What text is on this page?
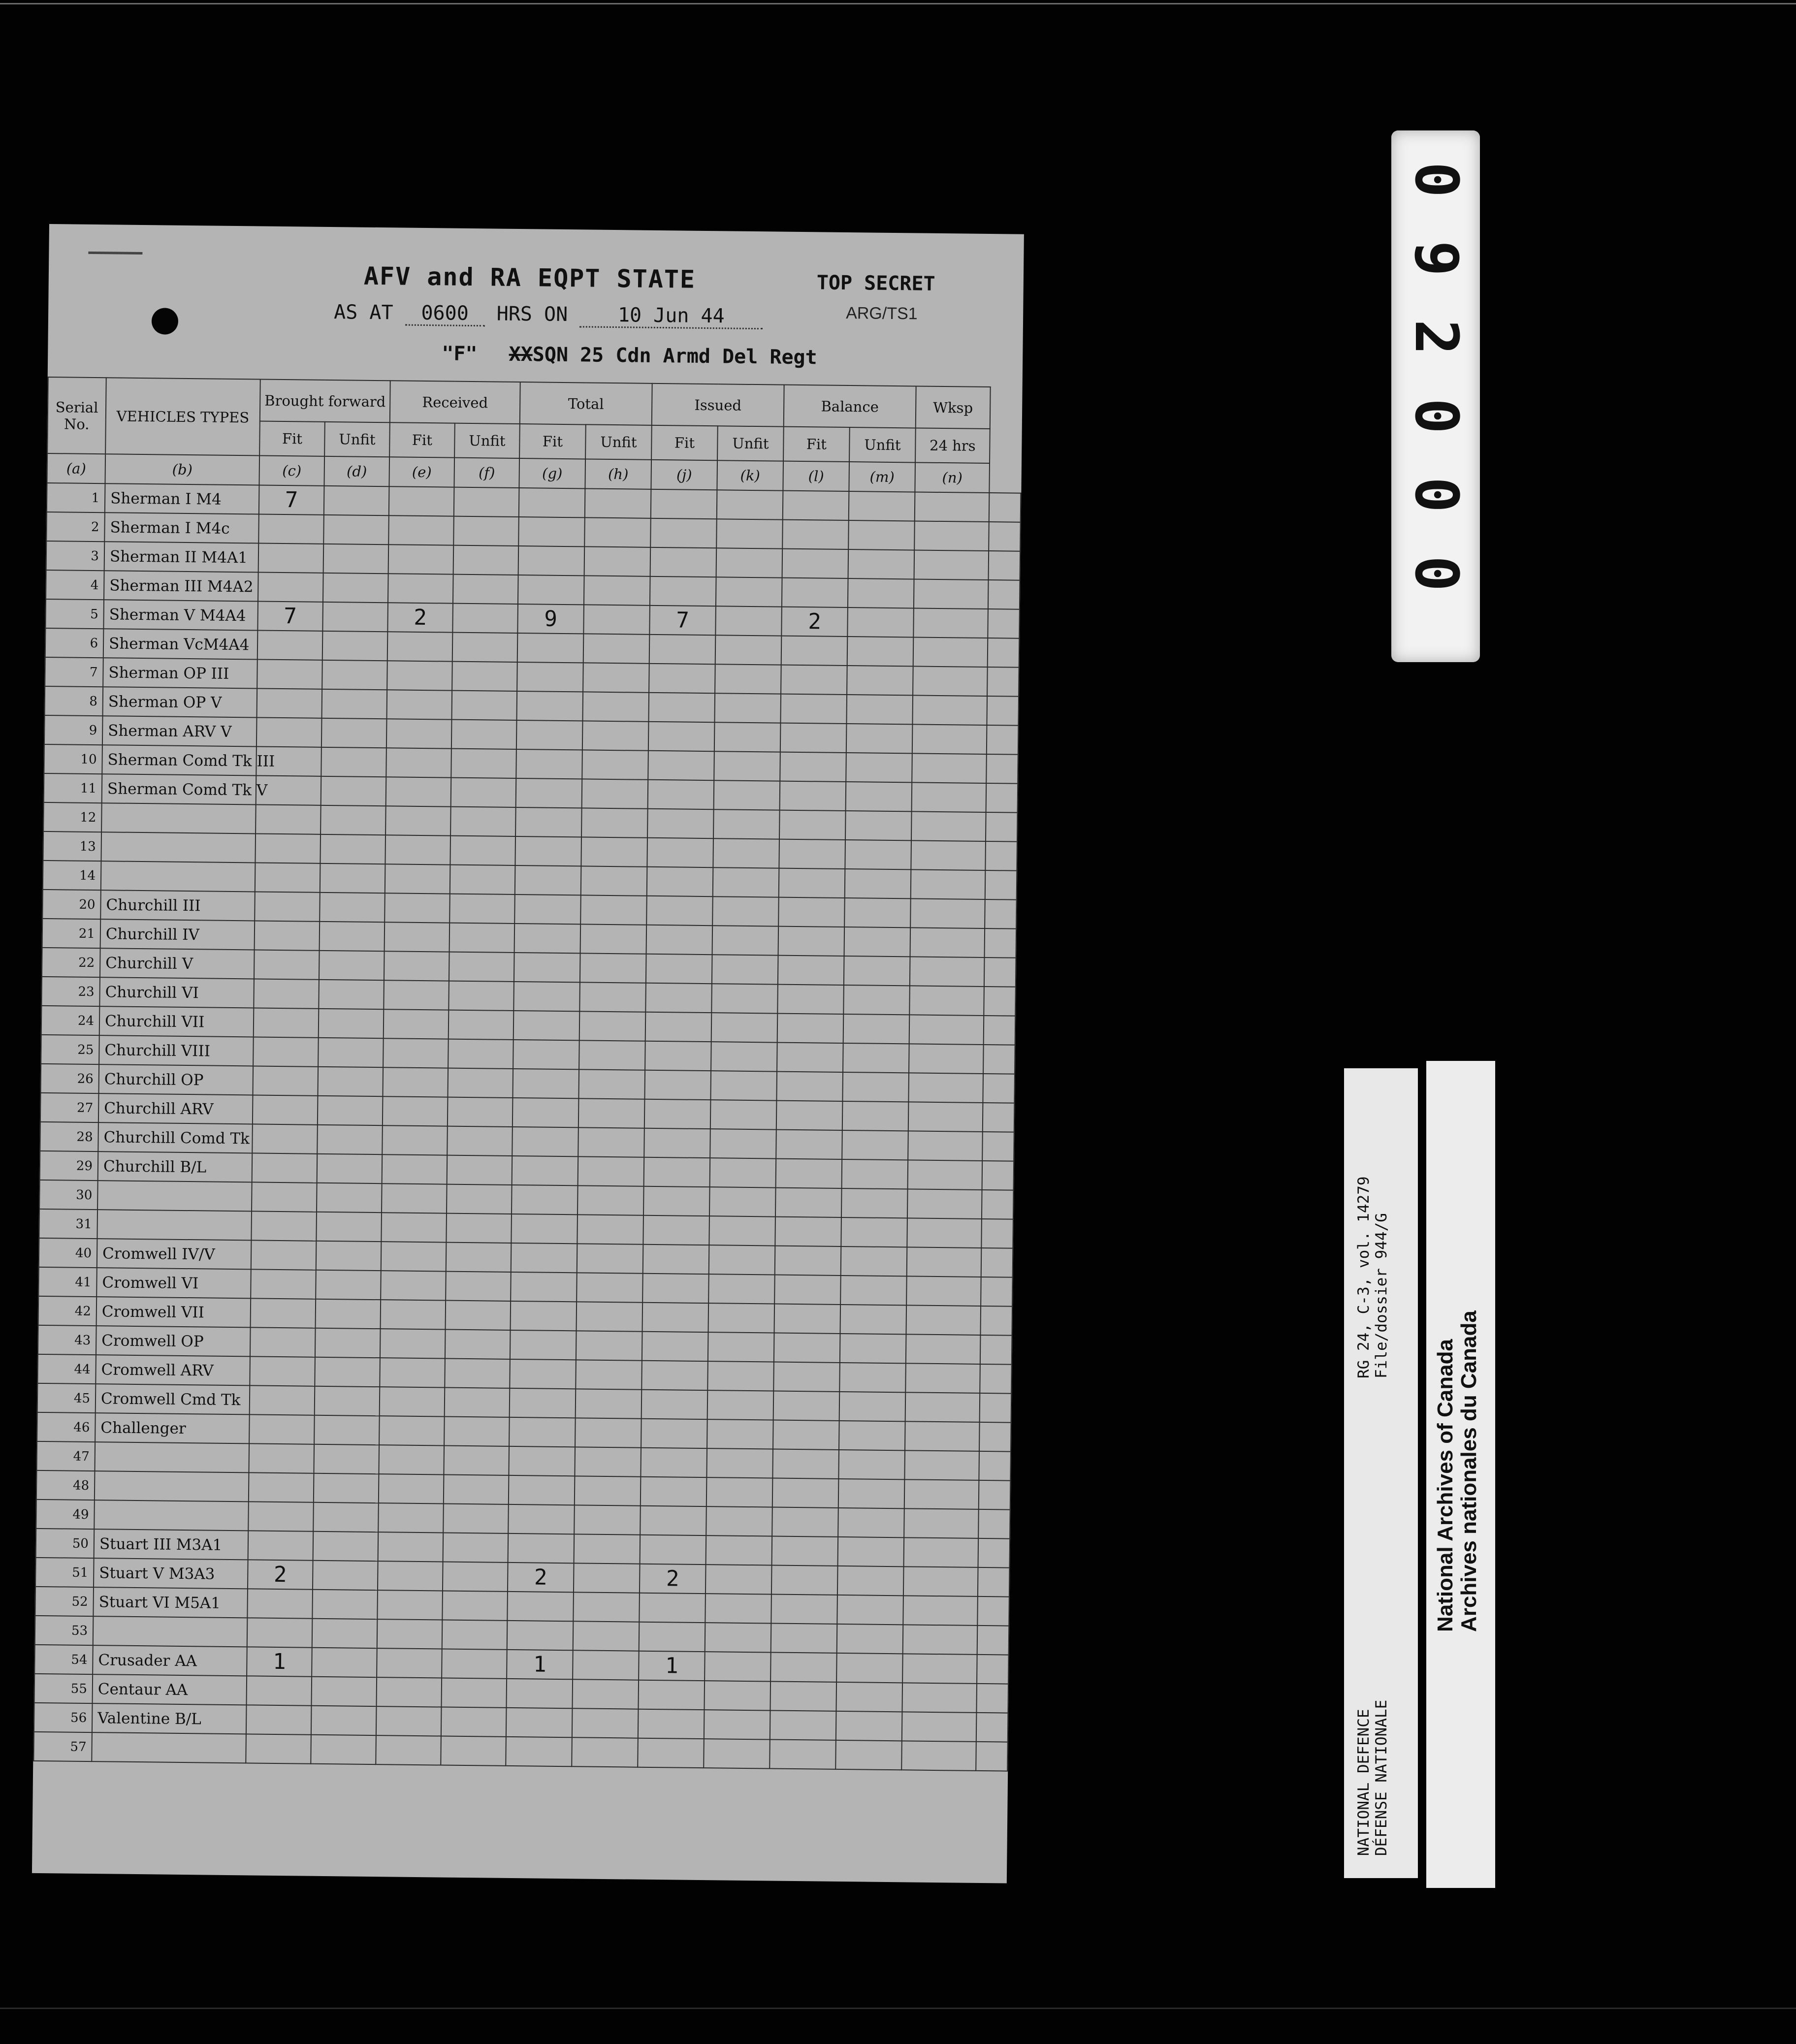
AFV and RA EQPT STATE	TOP SECRET
ARG/TS1
AS AT 0600 HRS ON	10 Jun 44
"F" XXSQN 25 Cdn Armd Del Regt
Serial No.	VEHICLES TYPES	Brought forward		Received		Total		Issued		Balance		Wksp	
		Fit	Unfit	Fit	Unfit	Fit	Unfit	Fit	Unfit	Fit	Unfit	24 hrs	
(a)	(b)	(c)	(d)	(e)	(f)	(g)	(h)	(j)	(k)	(l)	(m)	(n)	
1	Sherman I M4	7											
2	Sherman I M4c												
3	Sherman II M4A1												
4	Sherman III M4A2												
5	Sherman V M4A4	7		2		9		7		2			
6	Sherman VcM4A4												
7	Sherman OP III												
8	Sherman OP V												
9	Sherman ARV V												
10	Sherman Comd Tk III												
11	Sherman Comd Tk V												
12													
13													
14													
20	Churchill III												
21	Churchill IV												
22	Churchill V												
23	Churchill VI												
24	Churchill VII												
25	Churchill VIII												
26	Churchill OP												
27	Churchill ARV												
28	Churchill Comd Tk												
29	Churchill B/L												
30													
31													
40	Cromwell IV/V												
41	Cromwell VI												
42	Cromwell VII												
43	Cromwell OP												
44	Cromwell ARV												
45	Cromwell Cmd Tk												
46	Challenger												
47													
48													
49													
50	Stuart III M3A1												
51	Stuart V M3A3	2				2		2					
52	Stuart VI M5A1												
53													
54	Crusader AA	1				1		1					
55	Centaur AA												
56	Valentine B/L												
57													
0
0
0
2
9
0
NATIONAL DEFENCE DÉFENSE NATIONALE
RG 24, C-3, vol. 14279 File/dossier 944/G
National Archives of Canada Archives nationales du Canada
